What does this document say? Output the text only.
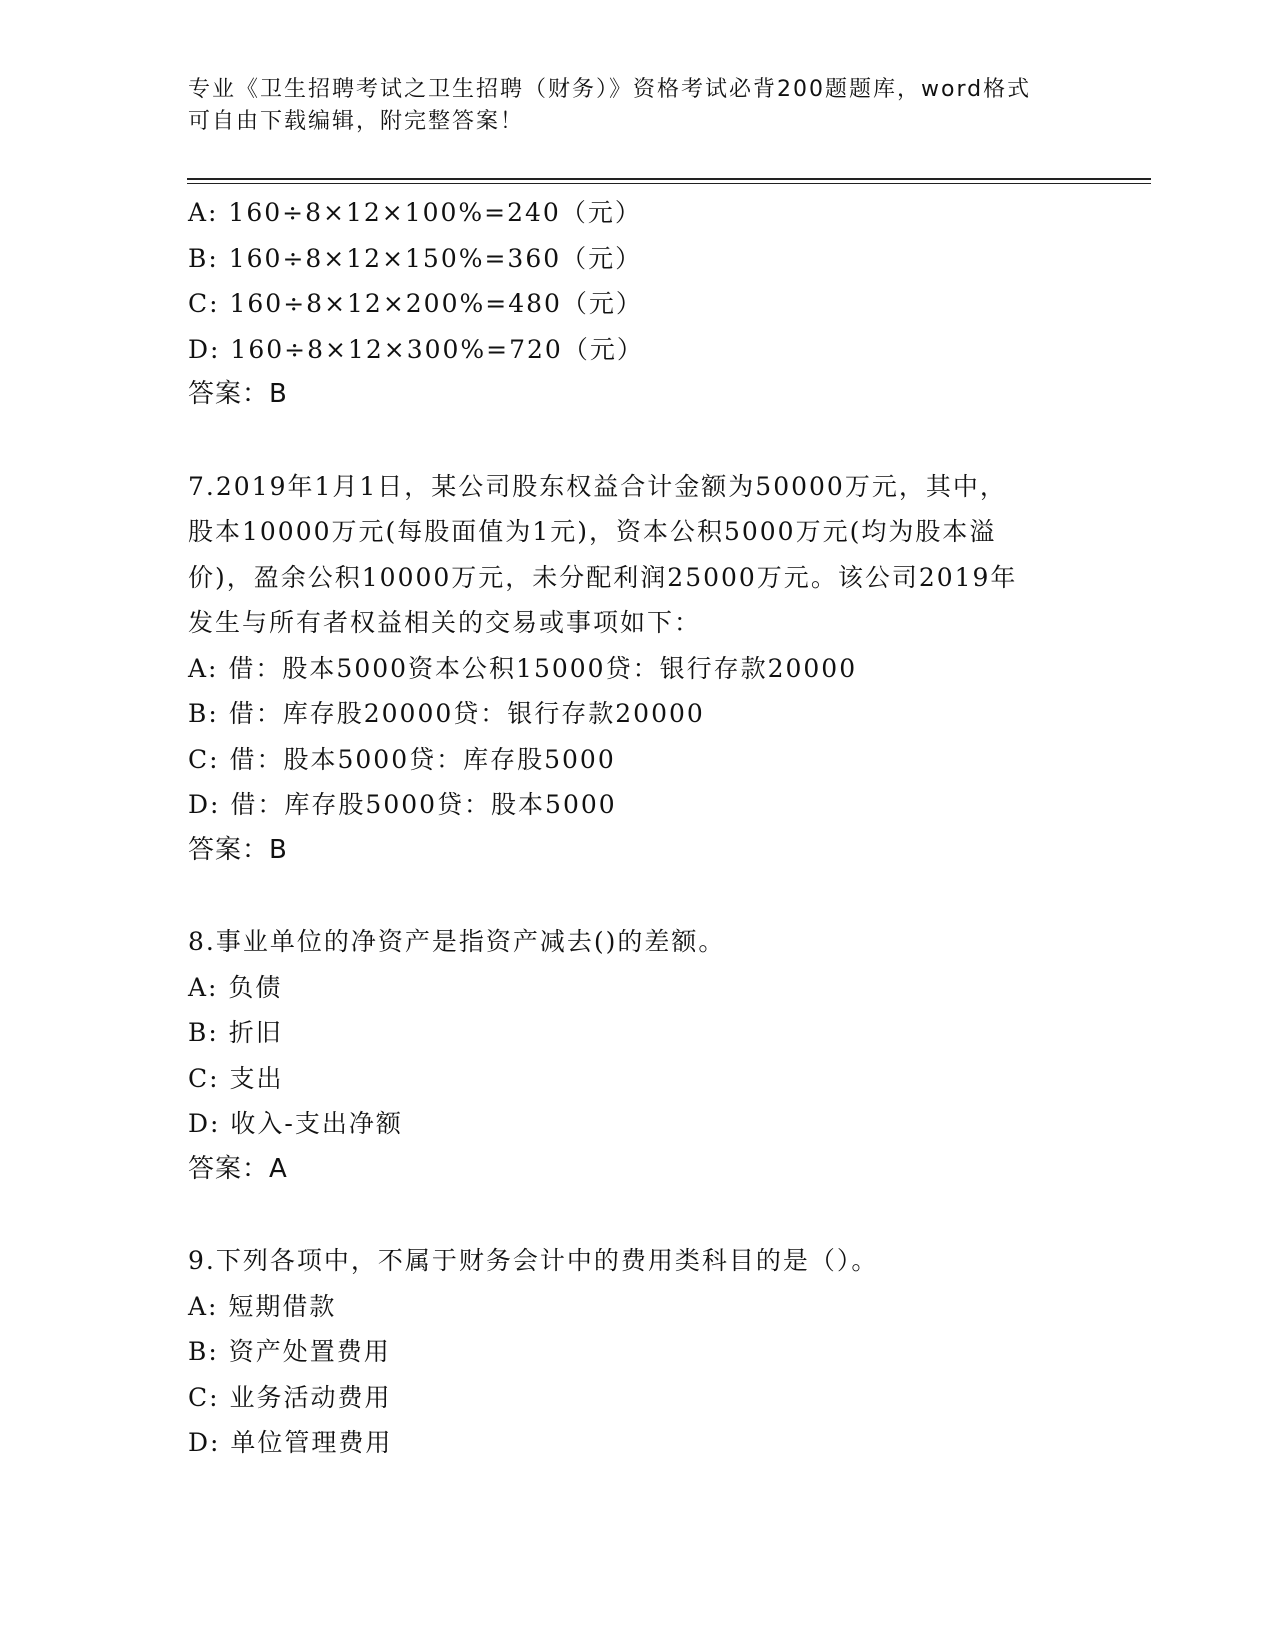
专业《卫生招聘考试之卫生招聘（财务）》资格考试必背200题题库，word格式
可自由下载编辑，附完整答案！
A: 160÷8×12×100%=240（元）
B: 160÷8×12×150%=360（元）
C: 160÷8×12×200%=480（元）
D: 160÷8×12×300%=720（元）
答案：B
7.2019年1月1日，某公司股东权益合计金额为50000万元，其中，
股本10000万元(每股面值为1元)，资本公积5000万元(均为股本溢
价)，盈余公积10000万元，未分配利润25000万元。该公司2019年
发生与所有者权益相关的交易或事项如下：
A: 借：股本5000资本公积15000贷：银行存款20000
B: 借：库存股20000贷：银行存款20000
C: 借：股本5000贷：库存股5000
D: 借：库存股5000贷：股本5000
答案：B
8.事业单位的净资产是指资产减去()的差额。
A: 负债
B: 折旧
C: 支出
D: 收入-支出净额
答案：A
9.下列各项中，不属于财务会计中的费用类科目的是（）。
A: 短期借款
B: 资产处置费用
C: 业务活动费用
D: 单位管理费用
